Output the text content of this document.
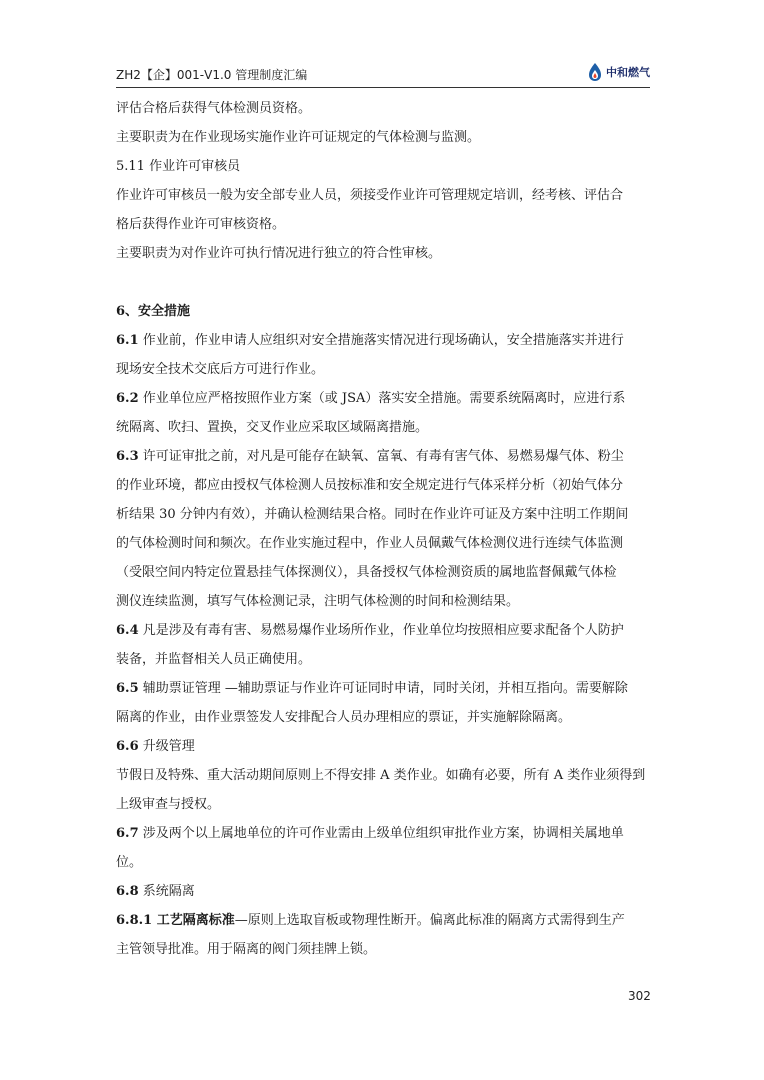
ZH2【企】001-V1.0 管理制度汇编	中和燃气

评估合格后获得气体检测员资格。

主要职责为在作业现场实施作业许可证规定的气体检测与监测。

5.11 作业许可审核员

作业许可审核员一般为安全部专业人员，须接受作业许可管理规定培训，经考核、评估合

格后获得作业许可审核资格。

主要职责为对作业许可执行情况进行独立的符合性审核。

6、安全措施

6.1 作业前，作业申请人应组织对安全措施落实情况进行现场确认，安全措施落实并进行

现场安全技术交底后方可进行作业。

6.2 作业单位应严格按照作业方案（或 JSA）落实安全措施。需要系统隔离时，应进行系

统隔离、吹扫、置换，交叉作业应采取区域隔离措施。

6.3 许可证审批之前，对凡是可能存在缺氧、富氧、有毒有害气体、易燃易爆气体、粉尘

的作业环境，都应由授权气体检测人员按标准和安全规定进行气体采样分析（初始气体分

析结果 30 分钟内有效），并确认检测结果合格。同时在作业许可证及方案中注明工作期间

的气体检测时间和频次。在作业实施过程中，作业人员佩戴气体检测仪进行连续气体监测

（受限空间内特定位置悬挂气体探测仪），具备授权气体检测资质的属地监督佩戴气体检

测仪连续监测，填写气体检测记录，注明气体检测的时间和检测结果。

6.4 凡是涉及有毒有害、易燃易爆作业场所作业，作业单位均按照相应要求配备个人防护

装备，并监督相关人员正确使用。

6.5 辅助票证管理 —辅助票证与作业许可证同时申请，同时关闭，并相互指向。需要解除

隔离的作业，由作业票签发人安排配合人员办理相应的票证，并实施解除隔离。

6.6 升级管理

节假日及特殊、重大活动期间原则上不得安排 A 类作业。如确有必要，所有 A 类作业须得到

上级审查与授权。

6.7 涉及两个以上属地单位的许可作业需由上级单位组织审批作业方案，协调相关属地单

位。

6.8 系统隔离

6.8.1 工艺隔离标准—原则上选取盲板或物理性断开。偏离此标准的隔离方式需得到生产

主管领导批准。用于隔离的阀门须挂牌上锁。

302
